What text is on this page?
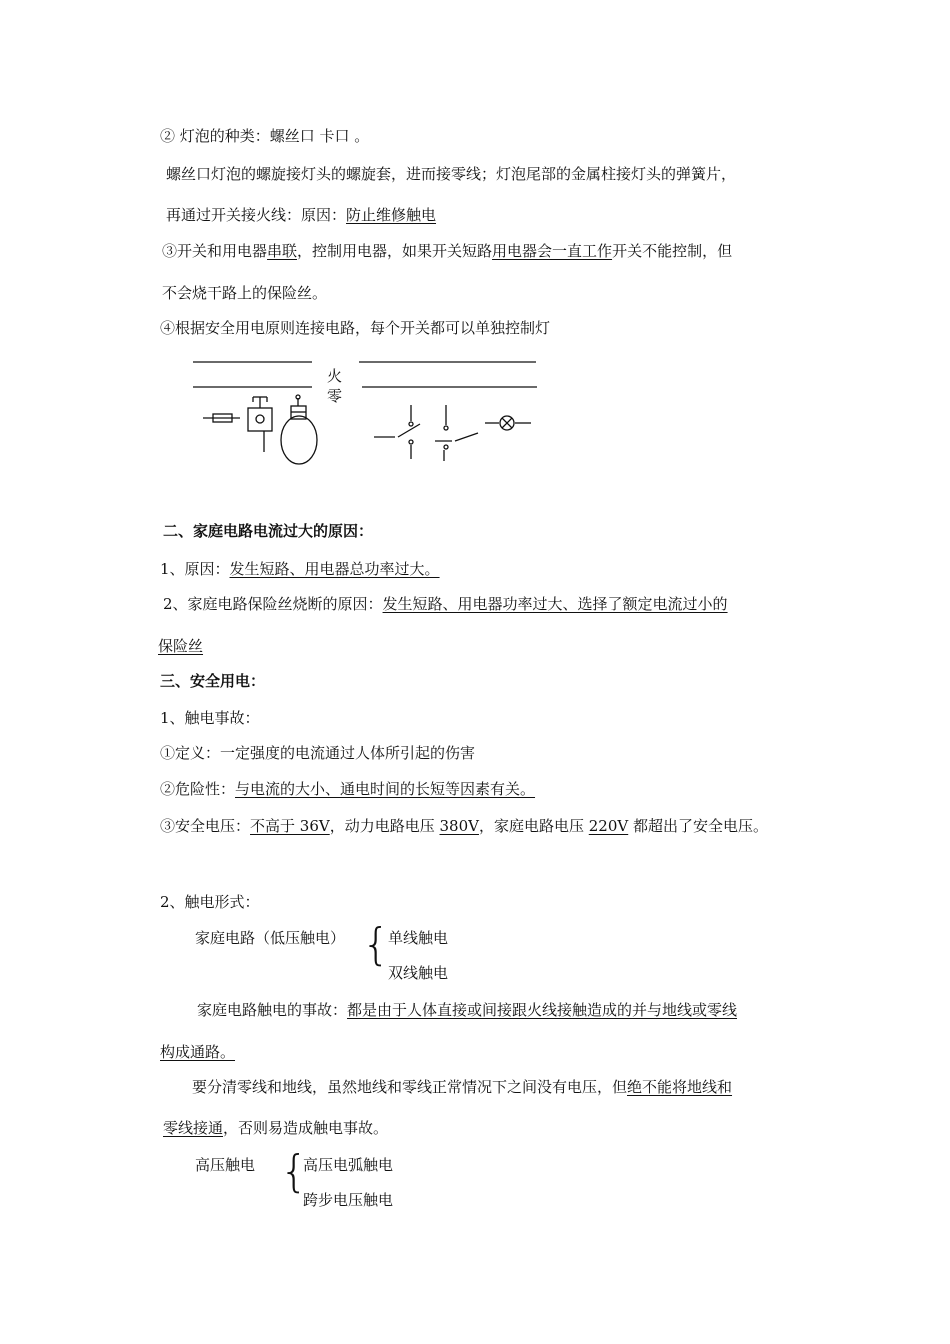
② 灯泡的种类：螺丝口 卡口 。
螺丝口灯泡的螺旋接灯头的螺旋套，进而接零线；灯泡尾部的金属柱接灯头的弹簧片，
再通过开关接火线：原因：防止维修触电
③开关和用电器串联，控制用电器，如果开关短路用电器会一直工作开关不能控制，但
不会烧干路上的保险丝。
④根据安全用电原则连接电路，每个开关都可以单独控制灯
火
零
二、家庭电路电流过大的原因：
1、原因：发生短路、用电器总功率过大。
2、家庭电路保险丝烧断的原因：发生短路、用电器功率过大、选择了额定电流过小的
保险丝
三、安全用电：
1、触电事故：
①定义：一定强度的电流通过人体所引起的伤害
②危险性：与电流的大小、通电时间的长短等因素有关。
③安全电压：不高于 36V，动力电路电压 380V，家庭电路电压 220V 都超出了安全电压。
2、触电形式：
家庭电路（低压触电） {
单线触电
双线触电
家庭电路触电的事故：都是由于人体直接或间接跟火线接触造成的并与地线或零线
构成通路。
要分清零线和地线，虽然地线和零线正常情况下之间没有电压，但绝不能将地线和
零线接通，否则易造成触电事故。
高压触电 {
高压电弧触电
跨步电压触电
